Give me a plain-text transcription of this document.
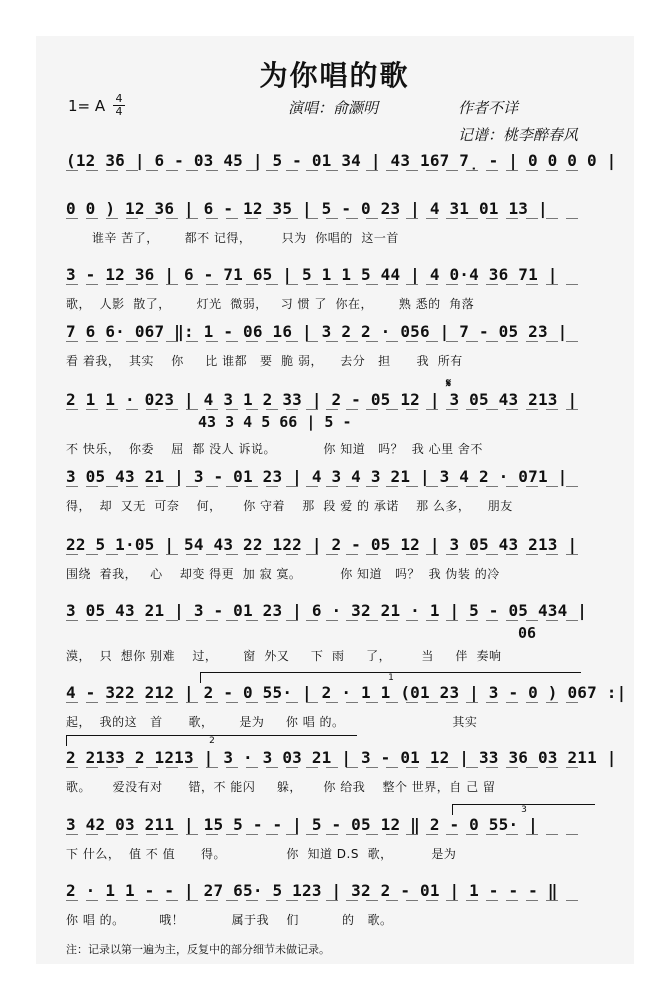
为你唱的歌
1= A 4
4	演唱：俞灏明	作者不详
记谱：桃李醉春风
(12 3̄6 | 6 - 03 45 | 5 - 01 34 | 43 167 7̣ - | 0 0 0 0 |
0 0 ) 12 36 | 6 - 12 35 | 5 - 0 23 | 4 31 01 13 |
谁辛 苦了，      都不 记得，       只为  你唱的  这一首
3 - 12 36 | 6 - 71 65 | 5 1 1 5 44 | 4 0·4 36 71 |
歌，  人影  散了，      灯光  微弱，   习 惯 了  你在，      熟 悉的  角落
7 6 6· 067 ‖: 1 - 06 16 | 3 2 2 · 056 | 7 - 05 23 |
看 着我，  其实    你     比 谁都   要  脆 弱，    去分   担      我  所有
𝄋
2 1 1 · 023 | 4 3 1 2 33 | 2 - 05 12 | 3 05 43 213 |
43 3 4 5 66 | 5 -
不 快乐，  你委    屈  都 没人 诉说。           你 知道   吗？  我 心里 舍不
3 05 43 21 | 3 - 01 23 | 4 3 4 3 21 | 3 4 2 · 071 |
得，  却  又无  可奈    何，     你 守着    那  段 爱 的 承诺    那 么多，    朋友
22 5 1·05 | 54 43 22 122 | 2 - 05 12 | 3 05 43 213 |
围绕  着我，   心    却变 得更  加 寂 寞。         你 知道   吗？  我 伪装 的冷
3 05 43 21 | 3 - 01 23 | 6 · 32 21 · 1 | 5 - 05 434 |
06
漠，  只  想你 别难    过，      窗  外又     下  雨     了，       当     伴  奏响
1
4 - 322 212 | 2 - 0 55· | 2 · 1 1 (01 23 | 3 - 0 ) 067 :|
起，  我的这   首      歌，      是为     你 唱 的。                         其实
2
2 2133 2 1213 | 3 · 3 03 21 | 3 - 01 12 | 33 36 03 211 |
歌。     爱没有对      错，不 能闪     躲，     你 给我    整个 世界，自 己 留
3
3 42 03 211 | 15 5 - - | 5 - 05 12 ‖ 2 - 0 55· |
下 什么，  值 不 值      得。              你  知道 D.S  歌，         是为
2 · 1 1 - - | 27 65· 5 123 | 32 2 - 01 | 1 - - - ‖
你 唱 的。        哦！           属于我    们          的   歌。
注：记录以第一遍为主，反复中的部分细节未做记录。
